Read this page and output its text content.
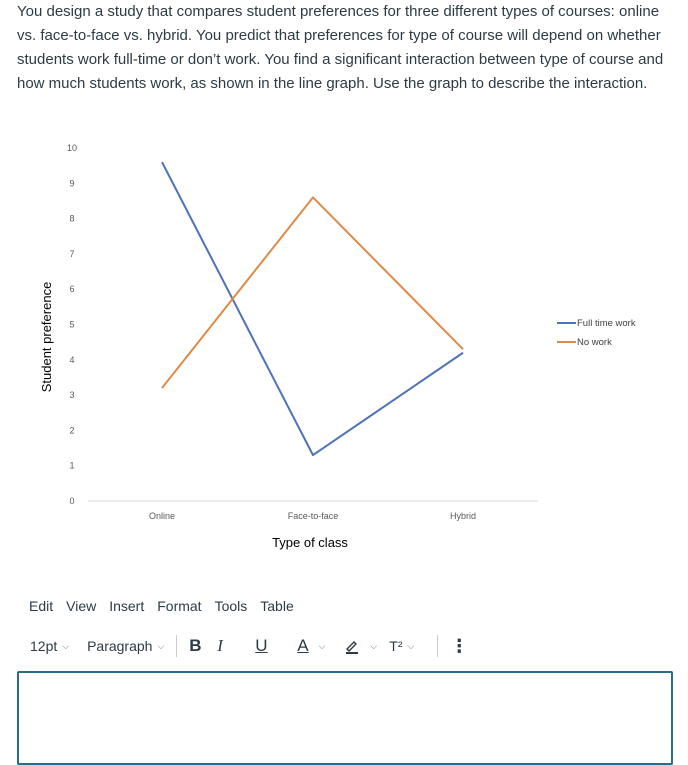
You design a study that compares student preferences for three different types of courses: online vs. face-to-face vs. hybrid. You predict that preferences for type of course will depend on whether students work full-time or don’t work. You find a significant interaction between type of course and how much students work, as shown in the line graph. Use the graph to describe the interaction.

0
1
2
3
4
5
6
7
8
9
10
Online	Face-to-face	Hybrid
Student preference
Type of class
Full time work
No work
Edit View Insert Format Tools Table
12pt ⌵ Paragraph ⌵ B I	U	A ⌵	⌵ T² ⌵ ⋮
